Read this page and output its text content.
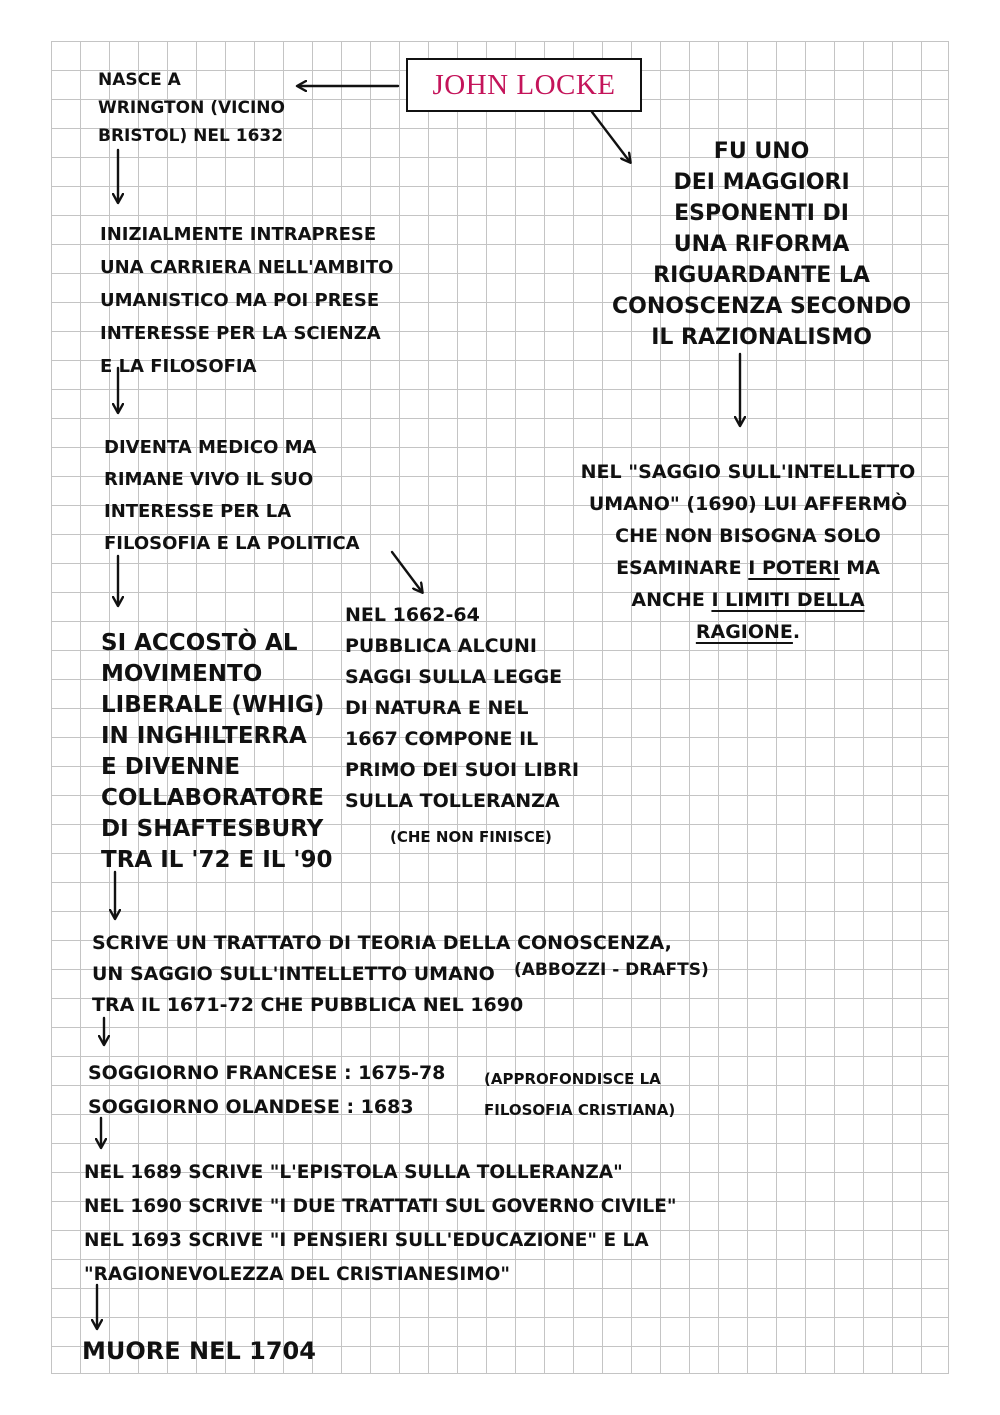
JOHN LOCKE

NASCE A
WRINGTON (VICINO
BRISTOL) NEL 1632

INIZIALMENTE INTRAPRESE
UNA CARRIERA NELL'AMBITO
UMANISTICO MA POI PRESE
INTERESSE PER LA SCIENZA
E LA FILOSOFIA

DIVENTA MEDICO MA
RIMANE VIVO IL SUO
INTERESSE PER LA
FILOSOFIA E LA POLITICA

SI ACCOSTÒ AL
MOVIMENTO
LIBERALE (WHIG)
IN INGHILTERRA
E DIVENNE
COLLABORATORE
DI SHAFTESBURY
TRA IL '72 E IL '90

NEL 1662-64
PUBBLICA ALCUNI
SAGGI SULLA LEGGE
DI NATURA E NEL
1667 COMPONE IL
PRIMO DEI SUOI LIBRI
SULLA TOLLERANZA

(CHE NON FINISCE)

FU UNO
DEI MAGGIORI
ESPONENTI DI
UNA RIFORMA
RIGUARDANTE LA
CONOSCENZA SECONDO
IL RAZIONALISMO

NEL "SAGGIO SULL'INTELLETTO
UMANO" (1690) LUI AFFERMÒ
CHE NON BISOGNA SOLO
ESAMINARE I POTERI MA
ANCHE I LIMITI DELLA
RAGIONE.

SCRIVE UN TRATTATO DI TEORIA DELLA CONOSCENZA,
UN SAGGIO SULL'INTELLETTO UMANO
TRA IL 1671-72 CHE PUBBLICA NEL 1690

(ABBOZZI - DRAFTS)

SOGGIORNO FRANCESE : 1675-78
SOGGIORNO OLANDESE : 1683

(APPROFONDISCE LA
FILOSOFIA CRISTIANA)

NEL 1689 SCRIVE "L'EPISTOLA SULLA TOLLERANZA"
NEL 1690 SCRIVE "I DUE TRATTATI SUL GOVERNO CIVILE"
NEL 1693 SCRIVE "I PENSIERI SULL'EDUCAZIONE" E LA
"RAGIONEVOLEZZA DEL CRISTIANESIMO"

MUORE NEL 1704
